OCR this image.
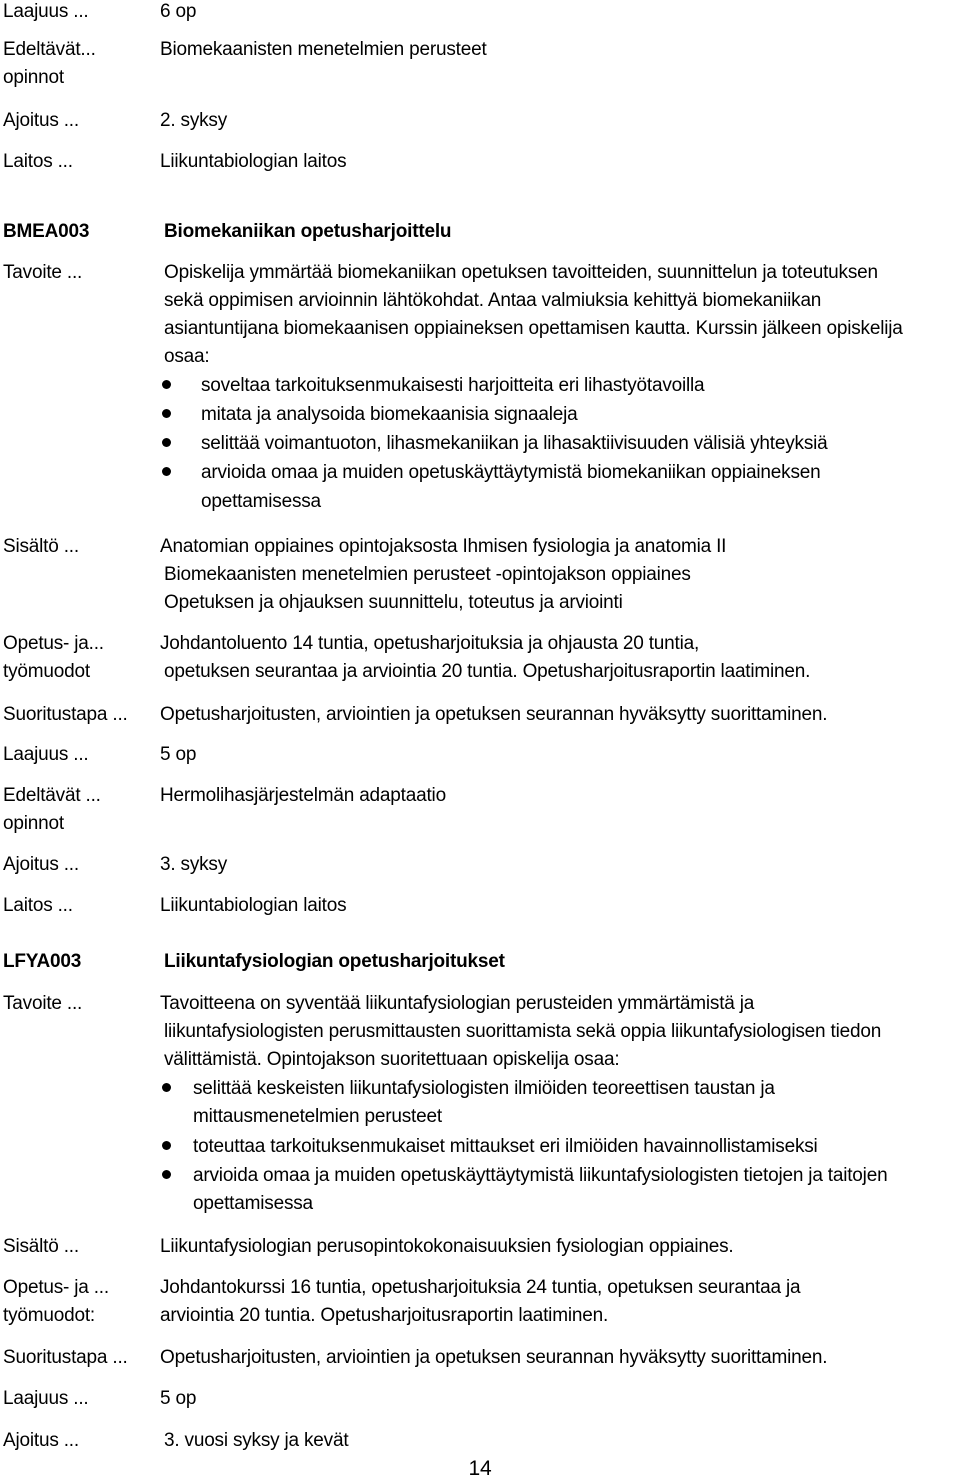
Laajuus ...	6 op
Edeltävät...	Biomekaanisten menetelmien perusteet
opinnot
Ajoitus ...	2. syksy
Laitos ...	Liikuntabiologian laitos
BMEA003	Biomekaniikan opetusharjoittelu
Tavoite ...	Opiskelija ymmärtää biomekaniikan opetuksen tavoitteiden, suunnittelun ja toteutuksen
sekä oppimisen arvioinnin lähtökohdat. Antaa valmiuksia kehittyä biomekaniikan
asiantuntijana biomekaanisen oppiaineksen opettamisen kautta. Kurssin jälkeen opiskelija
osaa:
soveltaa tarkoituksenmukaisesti harjoitteita eri lihastyötavoilla
mitata ja analysoida biomekaanisia signaaleja
selittää voimantuoton, lihasmekaniikan ja lihasaktiivisuuden välisiä yhteyksiä
arvioida omaa ja muiden opetuskäyttäytymistä biomekaniikan oppiaineksen
opettamisessa
Sisältö ...	Anatomian oppiaines opintojaksosta Ihmisen fysiologia ja anatomia II
Biomekaanisten menetelmien perusteet -opintojakson oppiaines
Opetuksen ja ohjauksen suunnittelu, toteutus ja arviointi
Opetus- ja...	Johdantoluento 14 tuntia, opetusharjoituksia ja ohjausta 20 tuntia,
työmuodot	opetuksen seurantaa ja arviointia 20 tuntia. Opetusharjoitusraportin laatiminen.
Suoritustapa ... Opetusharjoitusten, arviointien ja opetuksen seurannan hyväksytty suorittaminen.
Laajuus ...	5 op
Edeltävät ...	Hermolihasjärjestelmän adaptaatio
opinnot
Ajoitus ...	3. syksy
Laitos ...	Liikuntabiologian laitos
LFYA003	Liikuntafysiologian opetusharjoitukset
Tavoite ...	Tavoitteena on syventää liikuntafysiologian perusteiden ymmärtämistä ja
liikuntafysiologisten perusmittausten suorittamista sekä oppia liikuntafysiologisen tiedon
välittämistä. Opintojakson suoritettuaan opiskelija osaa:
selittää keskeisten liikuntafysiologisten ilmiöiden teoreettisen taustan ja
mittausmenetelmien perusteet
toteuttaa tarkoituksenmukaiset mittaukset eri ilmiöiden havainnollistamiseksi
arvioida omaa ja muiden opetuskäyttäytymistä liikuntafysiologisten tietojen ja taitojen
opettamisessa
Sisältö ...	Liikuntafysiologian perusopintokokonaisuuksien fysiologian oppiaines.
Opetus- ja ...	Johdantokurssi 16 tuntia, opetusharjoituksia 24 tuntia, opetuksen seurantaa ja
työmuodot:	arviointia 20 tuntia. Opetusharjoitusraportin laatiminen.
Suoritustapa ... Opetusharjoitusten, arviointien ja opetuksen seurannan hyväksytty suorittaminen.
Laajuus ...	5 op
Ajoitus ...	3. vuosi syksy ja kevät
14
